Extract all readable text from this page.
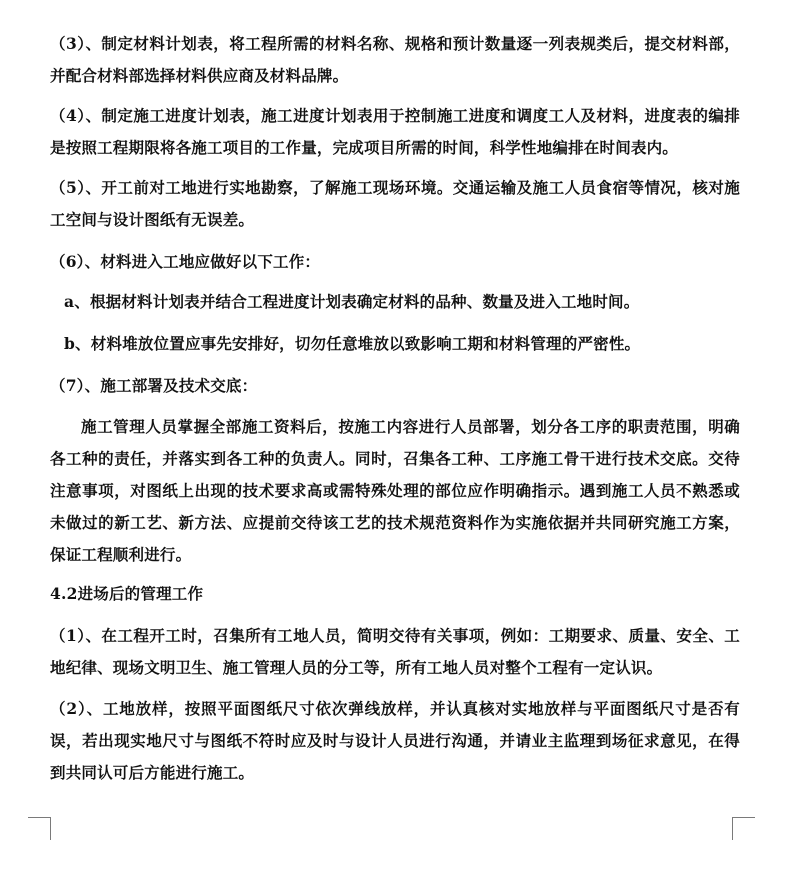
（3）、制定材料计划表，将工程所需的材料名称、规格和预计数量逐一列表规类后，提交材料部，并配合材料部选择材料供应商及材料品牌。
（4）、制定施工进度计划表，施工进度计划表用于控制施工进度和调度工人及材料，进度表的编排是按照工程期限将各施工项目的工作量，完成项目所需的时间，科学性地编排在时间表内。
（5）、开工前对工地进行实地勘察，了解施工现场环境。交通运输及施工人员食宿等情况，核对施工空间与设计图纸有无误差。
（6）、材料进入工地应做好以下工作：
a、根据材料计划表并结合工程进度计划表确定材料的品种、数量及进入工地时间。
b、材料堆放位置应事先安排好，切勿任意堆放以致影响工期和材料管理的严密性。
（7）、施工部署及技术交底：
施工管理人员掌握全部施工资料后，按施工内容进行人员部署，划分各工序的职责范围，明确各工种的责任，并落实到各工种的负责人。同时，召集各工种、工序施工骨干进行技术交底。交待注意事项，对图纸上出现的技术要求高或需特殊处理的部位应作明确指示。遇到施工人员不熟悉或未做过的新工艺、新方法、应提前交待该工艺的技术规范资料作为实施依据并共同研究施工方案，保证工程顺利进行。
4.2进场后的管理工作
（1）、在工程开工时，召集所有工地人员，简明交待有关事项，例如：工期要求、质量、安全、工地纪律、现场文明卫生、施工管理人员的分工等，所有工地人员对整个工程有一定认识。
（2）、工地放样，按照平面图纸尺寸依次弹线放样，并认真核对实地放样与平面图纸尺寸是否有误，若出现实地尺寸与图纸不符时应及时与设计人员进行沟通，并请业主监理到场征求意见，在得到共同认可后方能进行施工。
